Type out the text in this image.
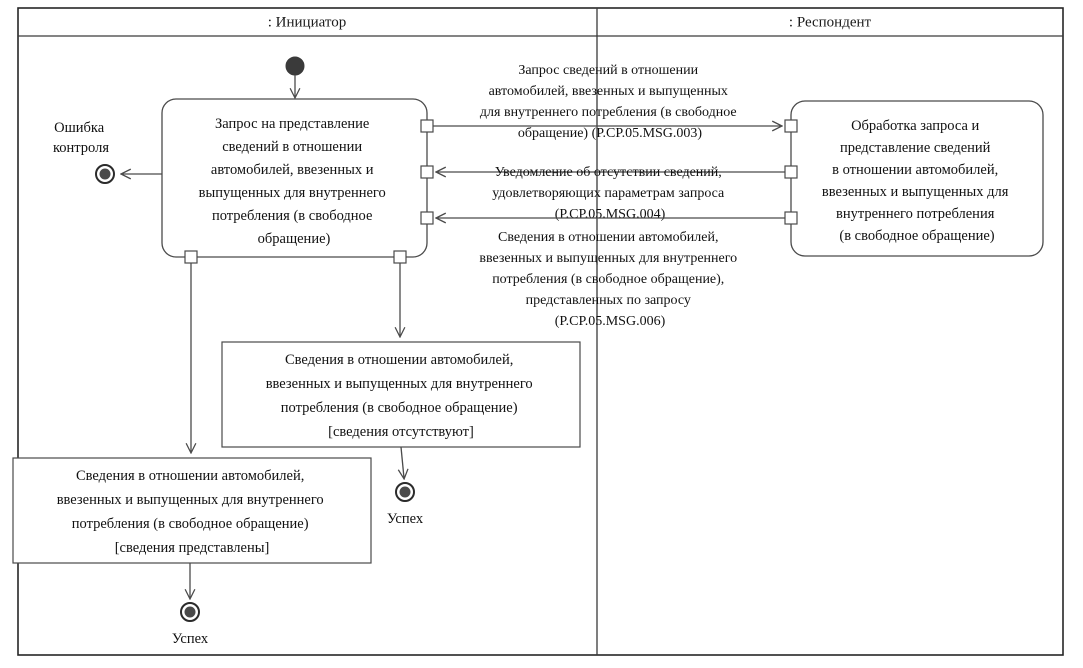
: Инициатор	: Респондент
Запрос на представление сведений в отношении автомобилей, ввезенных и выпущенных для внутреннего потребления (в свободное обращение)
Ошибка контроля
Обработка запроса и представление сведений в отношении автомобилей, ввезенных и выпущенных для внутреннего потребления (в свободное обращение)
Запрос сведений в отношении автомобилей, ввезенных и выпущенных для внутреннего потребления (в свободное обращение) (P.CP.05.MSG.003)
Уведомление об отсутствии сведений, удовлетворяющих параметрам запроса (P.CP.05.MSG.004)
Сведения в отношении автомобилей, ввезенных и выпущенных для внутреннего потребления (в свободное обращение), представленных по запросу (P.CP.05.MSG.006)
Сведения в отношении автомобилей, ввезенных и выпущенных для внутреннего потребления (в свободное обращение) [сведения отсутствуют]
Успех
Сведения в отношении автомобилей, ввезенных и выпущенных для внутреннего потребления (в свободное обращение) [сведения представлены]
Успех
